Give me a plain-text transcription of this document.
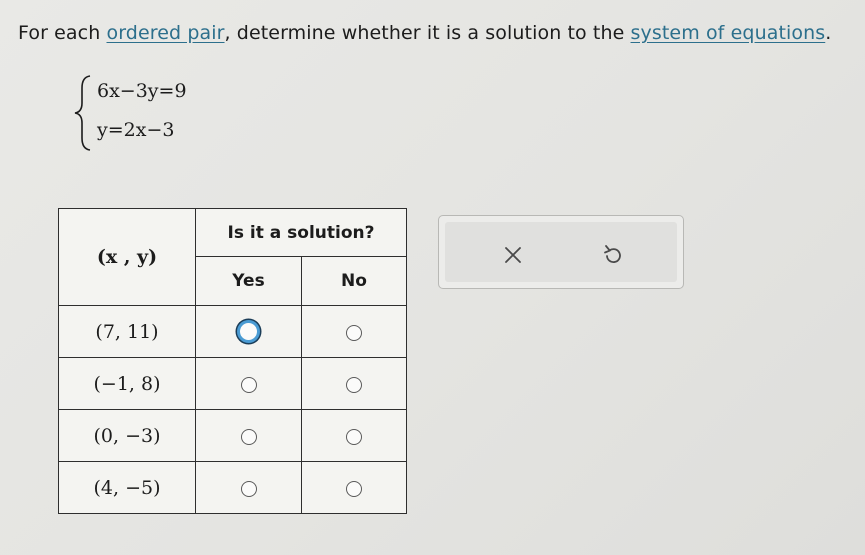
For each ordered pair, determine whether it is a solution to the system of equations.
6x−3y=9
y=2x−3
(x , y)	Is it a solution?	
	Yes	No
(7, 11)		
(−1, 8)		
(0, −3)		
(4, −5)		
